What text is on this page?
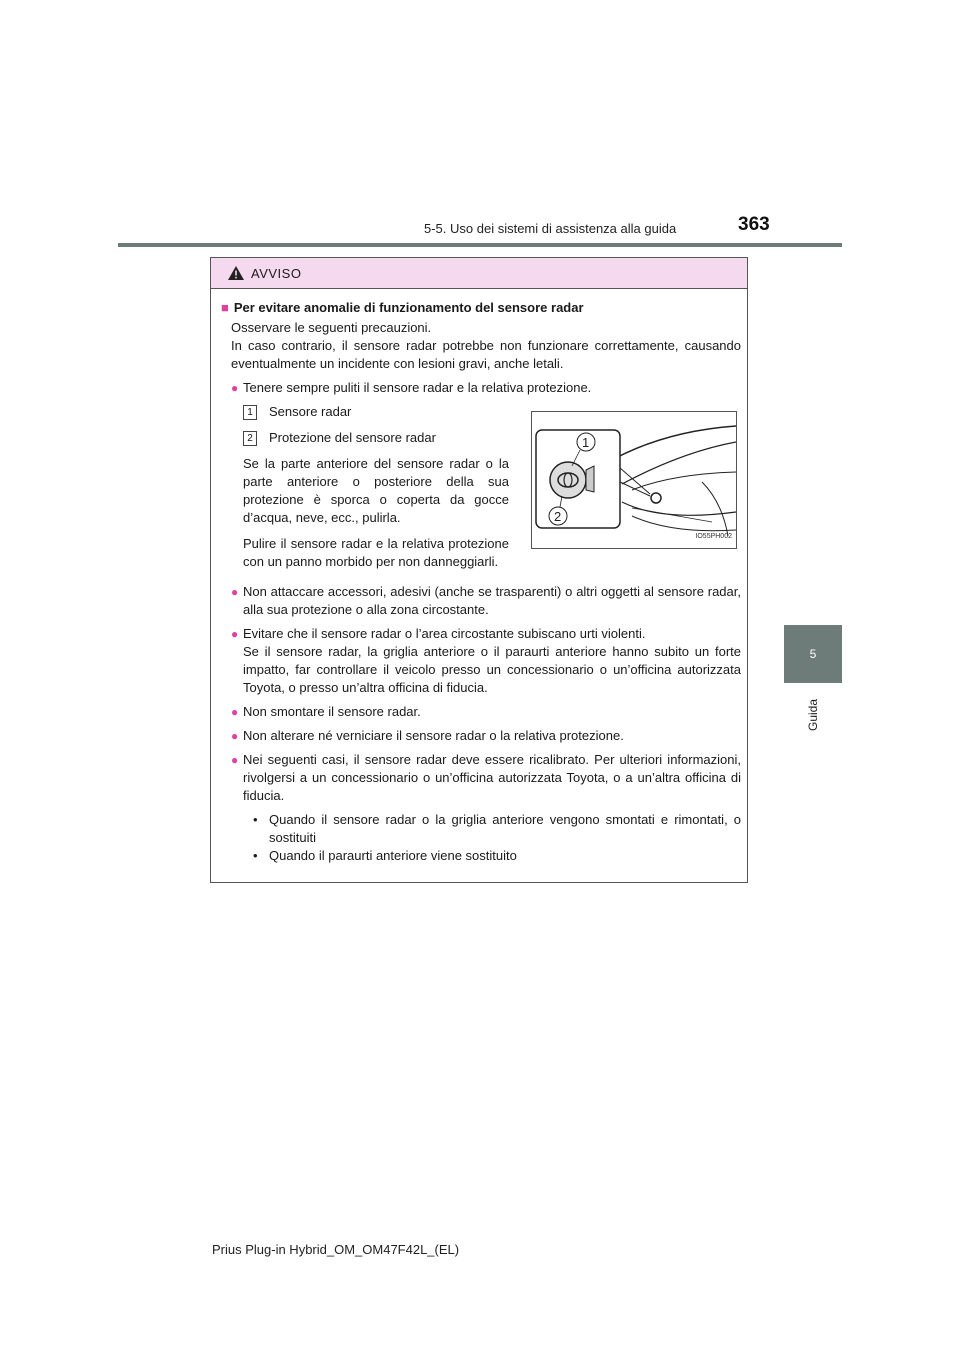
5-5. Uso dei sistemi di assistenza alla guida	363
5
Guida
AVVISO
■ Per evitare anomalie di funzionamento del sensore radar
Osservare le seguenti precauzioni.
In caso contrario, il sensore radar potrebbe non funzionare correttamente, causando eventualmente un incidente con lesioni gravi, anche letali.
● Tenere sempre puliti il sensore radar e la relativa protezione.
1	Sensore radar
2	Protezione del sensore radar
Se la parte anteriore del sensore radar o la parte anteriore o posteriore della sua protezione è sporca o coperta da gocce d’acqua, neve, ecc., pulirla.
Pulire il sensore radar e la relativa protezione con un panno morbido per non danneggiarli.
1
2
IO55PH002
● Non attaccare accessori, adesivi (anche se trasparenti) o altri oggetti al sensore radar, alla sua protezione o alla zona circostante.
● Evitare che il sensore radar o l’area circostante subiscano urti violenti.
Se il sensore radar, la griglia anteriore o il paraurti anteriore hanno subito un forte impatto, far controllare il veicolo presso un concessionario o un’officina autorizzata Toyota, o presso un’altra officina di fiducia.
● Non smontare il sensore radar.
● Non alterare né verniciare il sensore radar o la relativa protezione.
● Nei seguenti casi, il sensore radar deve essere ricalibrato. Per ulteriori informazioni, rivolgersi a un concessionario o un’officina autorizzata Toyota, o a un’altra officina di fiducia.
• Quando il sensore radar o la griglia anteriore vengono smontati e rimontati, o sostituiti
• Quando il paraurti anteriore viene sostituito
Prius Plug-in Hybrid_OM_OM47F42L_(EL)
